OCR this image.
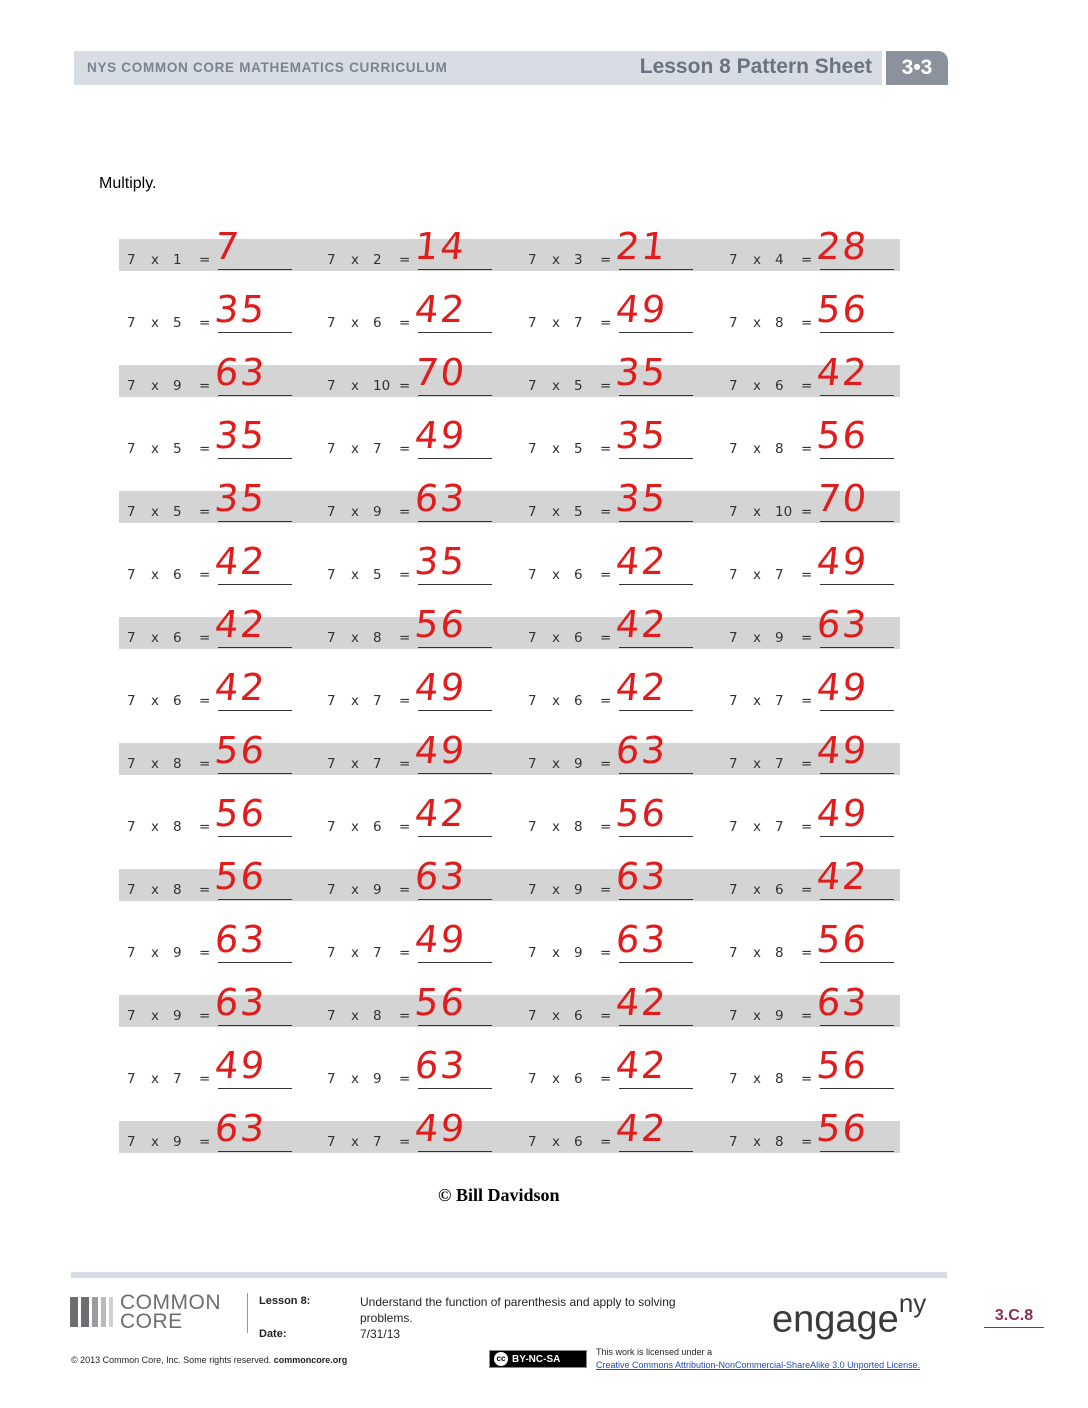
NYS COMMON CORE MATHEMATICS CURRICULUM	Lesson 8 Pattern Sheet	3•3
Multiply.
7 x 1 = 7	7 x 2 = 14	7 x 3 = 21	7 x 4 = 28
7 x 5 = 35	7 x 6 = 42	7 x 7 = 49	7 x 8 = 56
7 x 9 = 63	7 x 10 = 70	7 x 5 = 35	7 x 6 = 42
7 x 5 = 35	7 x 7 = 49	7 x 5 = 35	7 x 8 = 56
7 x 5 = 35	7 x 9 = 63	7 x 5 = 35	7 x 10 = 70
7 x 6 = 42	7 x 5 = 35	7 x 6 = 42	7 x 7 = 49
7 x 6 = 42	7 x 8 = 56	7 x 6 = 42	7 x 9 = 63
7 x 6 = 42	7 x 7 = 49	7 x 6 = 42	7 x 7 = 49
7 x 8 = 56	7 x 7 = 49	7 x 9 = 63	7 x 7 = 49
7 x 8 = 56	7 x 6 = 42	7 x 8 = 56	7 x 7 = 49
7 x 8 = 56	7 x 9 = 63	7 x 9 = 63	7 x 6 = 42
7 x 9 = 63	7 x 7 = 49	7 x 9 = 63	7 x 8 = 56
7 x 9 = 63	7 x 8 = 56	7 x 6 = 42	7 x 9 = 63
7 x 7 = 49	7 x 9 = 63	7 x 6 = 42	7 x 8 = 56
7 x 9 = 63	7 x 7 = 49	7 x 6 = 42	7 x 8 = 56
© Bill Davidson
COMMON
CORE
Lesson 8:	Understand the function of parenthesis and apply to solving problems.
Date:	7/31/13	engage$^{ny}$	3.C.8
© 2013 Common Core, Inc. Some rights reserved. commoncore.org	cc BY-NC-SA
This work is licensed under a
Creative Commons Attribution-NonCommercial-ShareAlike 3.0 Unported License.
